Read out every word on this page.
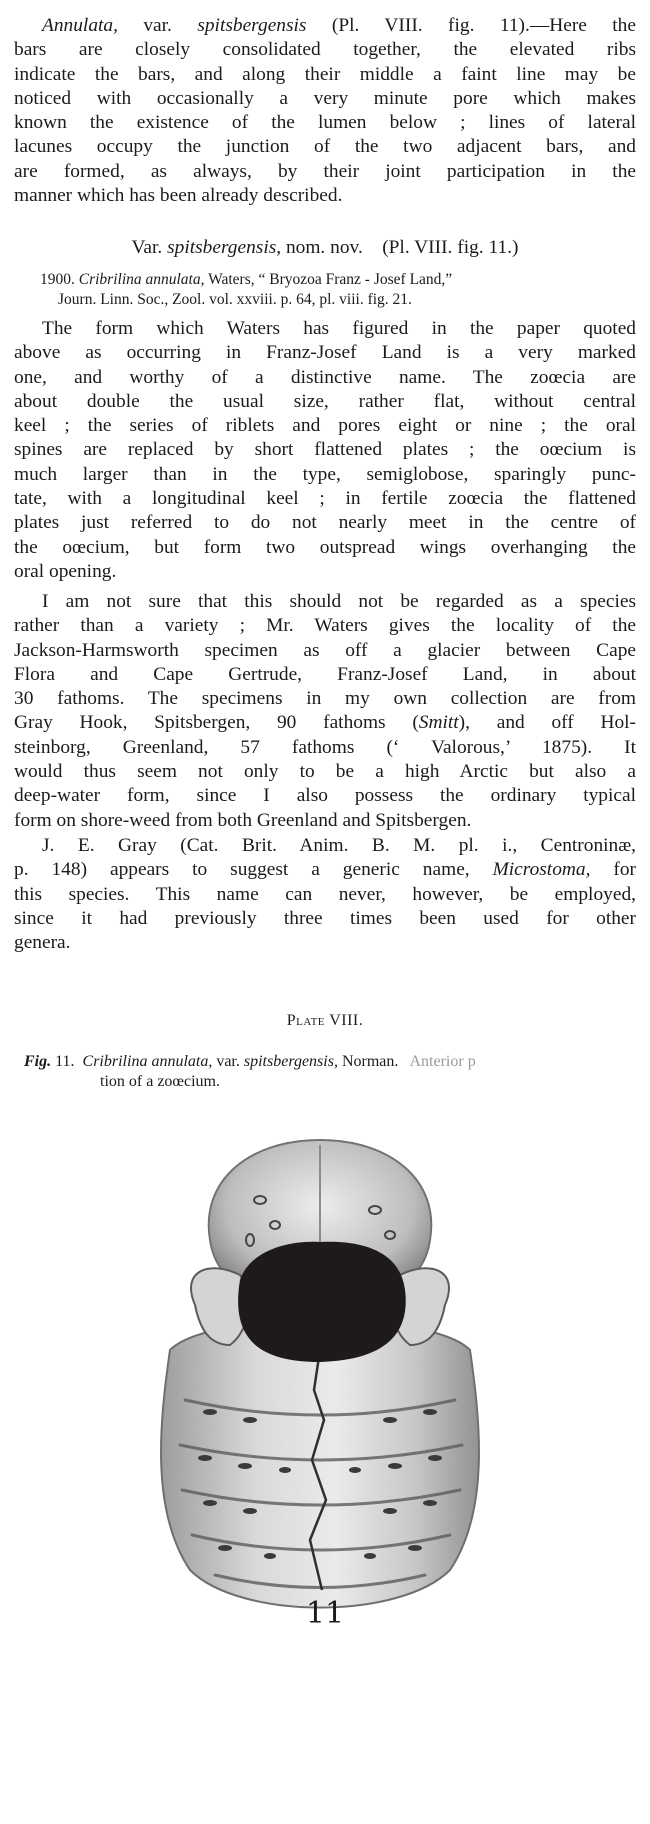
Annulata, var. spitsbergensis (Pl. VIII. fig. 11).—Here the
bars are closely consolidated together, the elevated ribs
indicate the bars, and along their middle a faint line may be
noticed with occasionally a very minute pore which makes
known the existence of the lumen below ; lines of lateral
lacunes occupy the junction of the two adjacent bars, and
are formed, as always, by their joint participation in the
manner which has been already described.

Var. spitsbergensis, nom. nov.    (Pl. VIII. fig. 11.)

1900. Cribrilina annulata, Waters, “ Bryozoa Franz - Josef Land,”
Journ. Linn. Soc., Zool. vol. xxviii. p. 64, pl. viii. fig. 21.
The form which Waters has figured in the paper quoted
above as occurring in Franz-Josef Land is a very marked
one, and worthy of a distinctive name. The zoœcia are
about double the usual size, rather flat, without central
keel ; the series of riblets and pores eight or nine ; the oral
spines are replaced by short flattened plates ; the oœcium is
much larger than in the type, semiglobose, sparingly punc-
tate, with a longitudinal keel ; in fertile zoœcia the flattened
plates just referred to do not nearly meet in the centre of
the oœcium, but form two outspread wings overhanging the
oral opening.
I am not sure that this should not be regarded as a species
rather than a variety ; Mr. Waters gives the locality of the
Jackson-Harmsworth specimen as off a glacier between Cape
Flora and Cape Gertrude, Franz-Josef Land, in about
30 fathoms. The specimens in my own collection are from
Gray Hook, Spitsbergen, 90 fathoms (Smitt), and off Hol-
steinborg, Greenland, 57 fathoms (‘ Valorous,’ 1875). It
would thus seem not only to be a high Arctic but also a
deep-water form, since I also possess the ordinary typical
form on shore-weed from both Greenland and Spitsbergen.
J. E. Gray (Cat. Brit. Anim. B. M. pl. i., Centroninæ,
p. 148) appears to suggest a generic name, Microstoma, for
this species. This name can never, however, be employed,
since it had previously three times been used for other
genera.

Plate VIII.

Fig. 11.  Cribrilina annulata, var. spitsbergensis, Norman.   Anterior p
tion of a zoœcium.

11
